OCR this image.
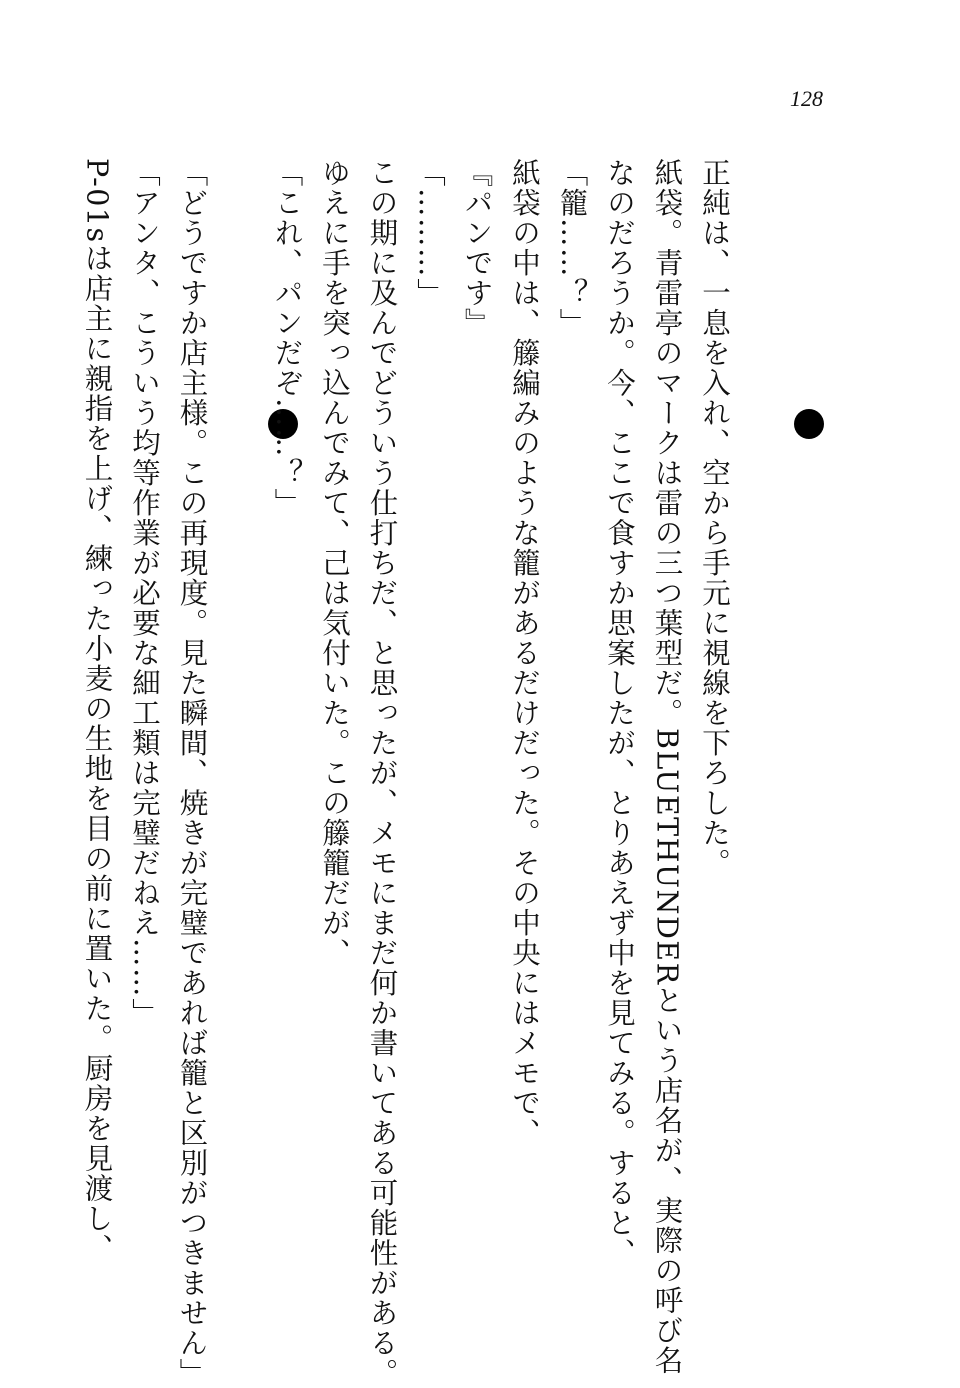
128
正純は、一息を入れ、空から手元に視線を下ろした。
紙袋。青雷亭のマークは雷の三つ葉型だ。BLUETHUNDERという店名が、実際の呼び名
なのだろうか。今、ここで食すか思案したが、とりあえず中を見てみる。すると、
「籠……？」
紙袋の中は、籐編みのような籠があるだけだった。その中央にはメモで、
『パンです』
「………」
この期に及んでどういう仕打ちだ、と思ったが、メモにまだ何か書いてある可能性がある。
ゆえに手を突っ込んでみて、己は気付いた。この籐籠だが、
「これ、パンだぞ……？」
「どうですか店主様。この再現度。見た瞬間、焼きが完璧であれば籠と区別がつきません」
「アンタ、こういう均等作業が必要な細工類は完璧だねえ……」
P-01sは店主に親指を上げ、練った小麦の生地を目の前に置いた。厨房を見渡し、
